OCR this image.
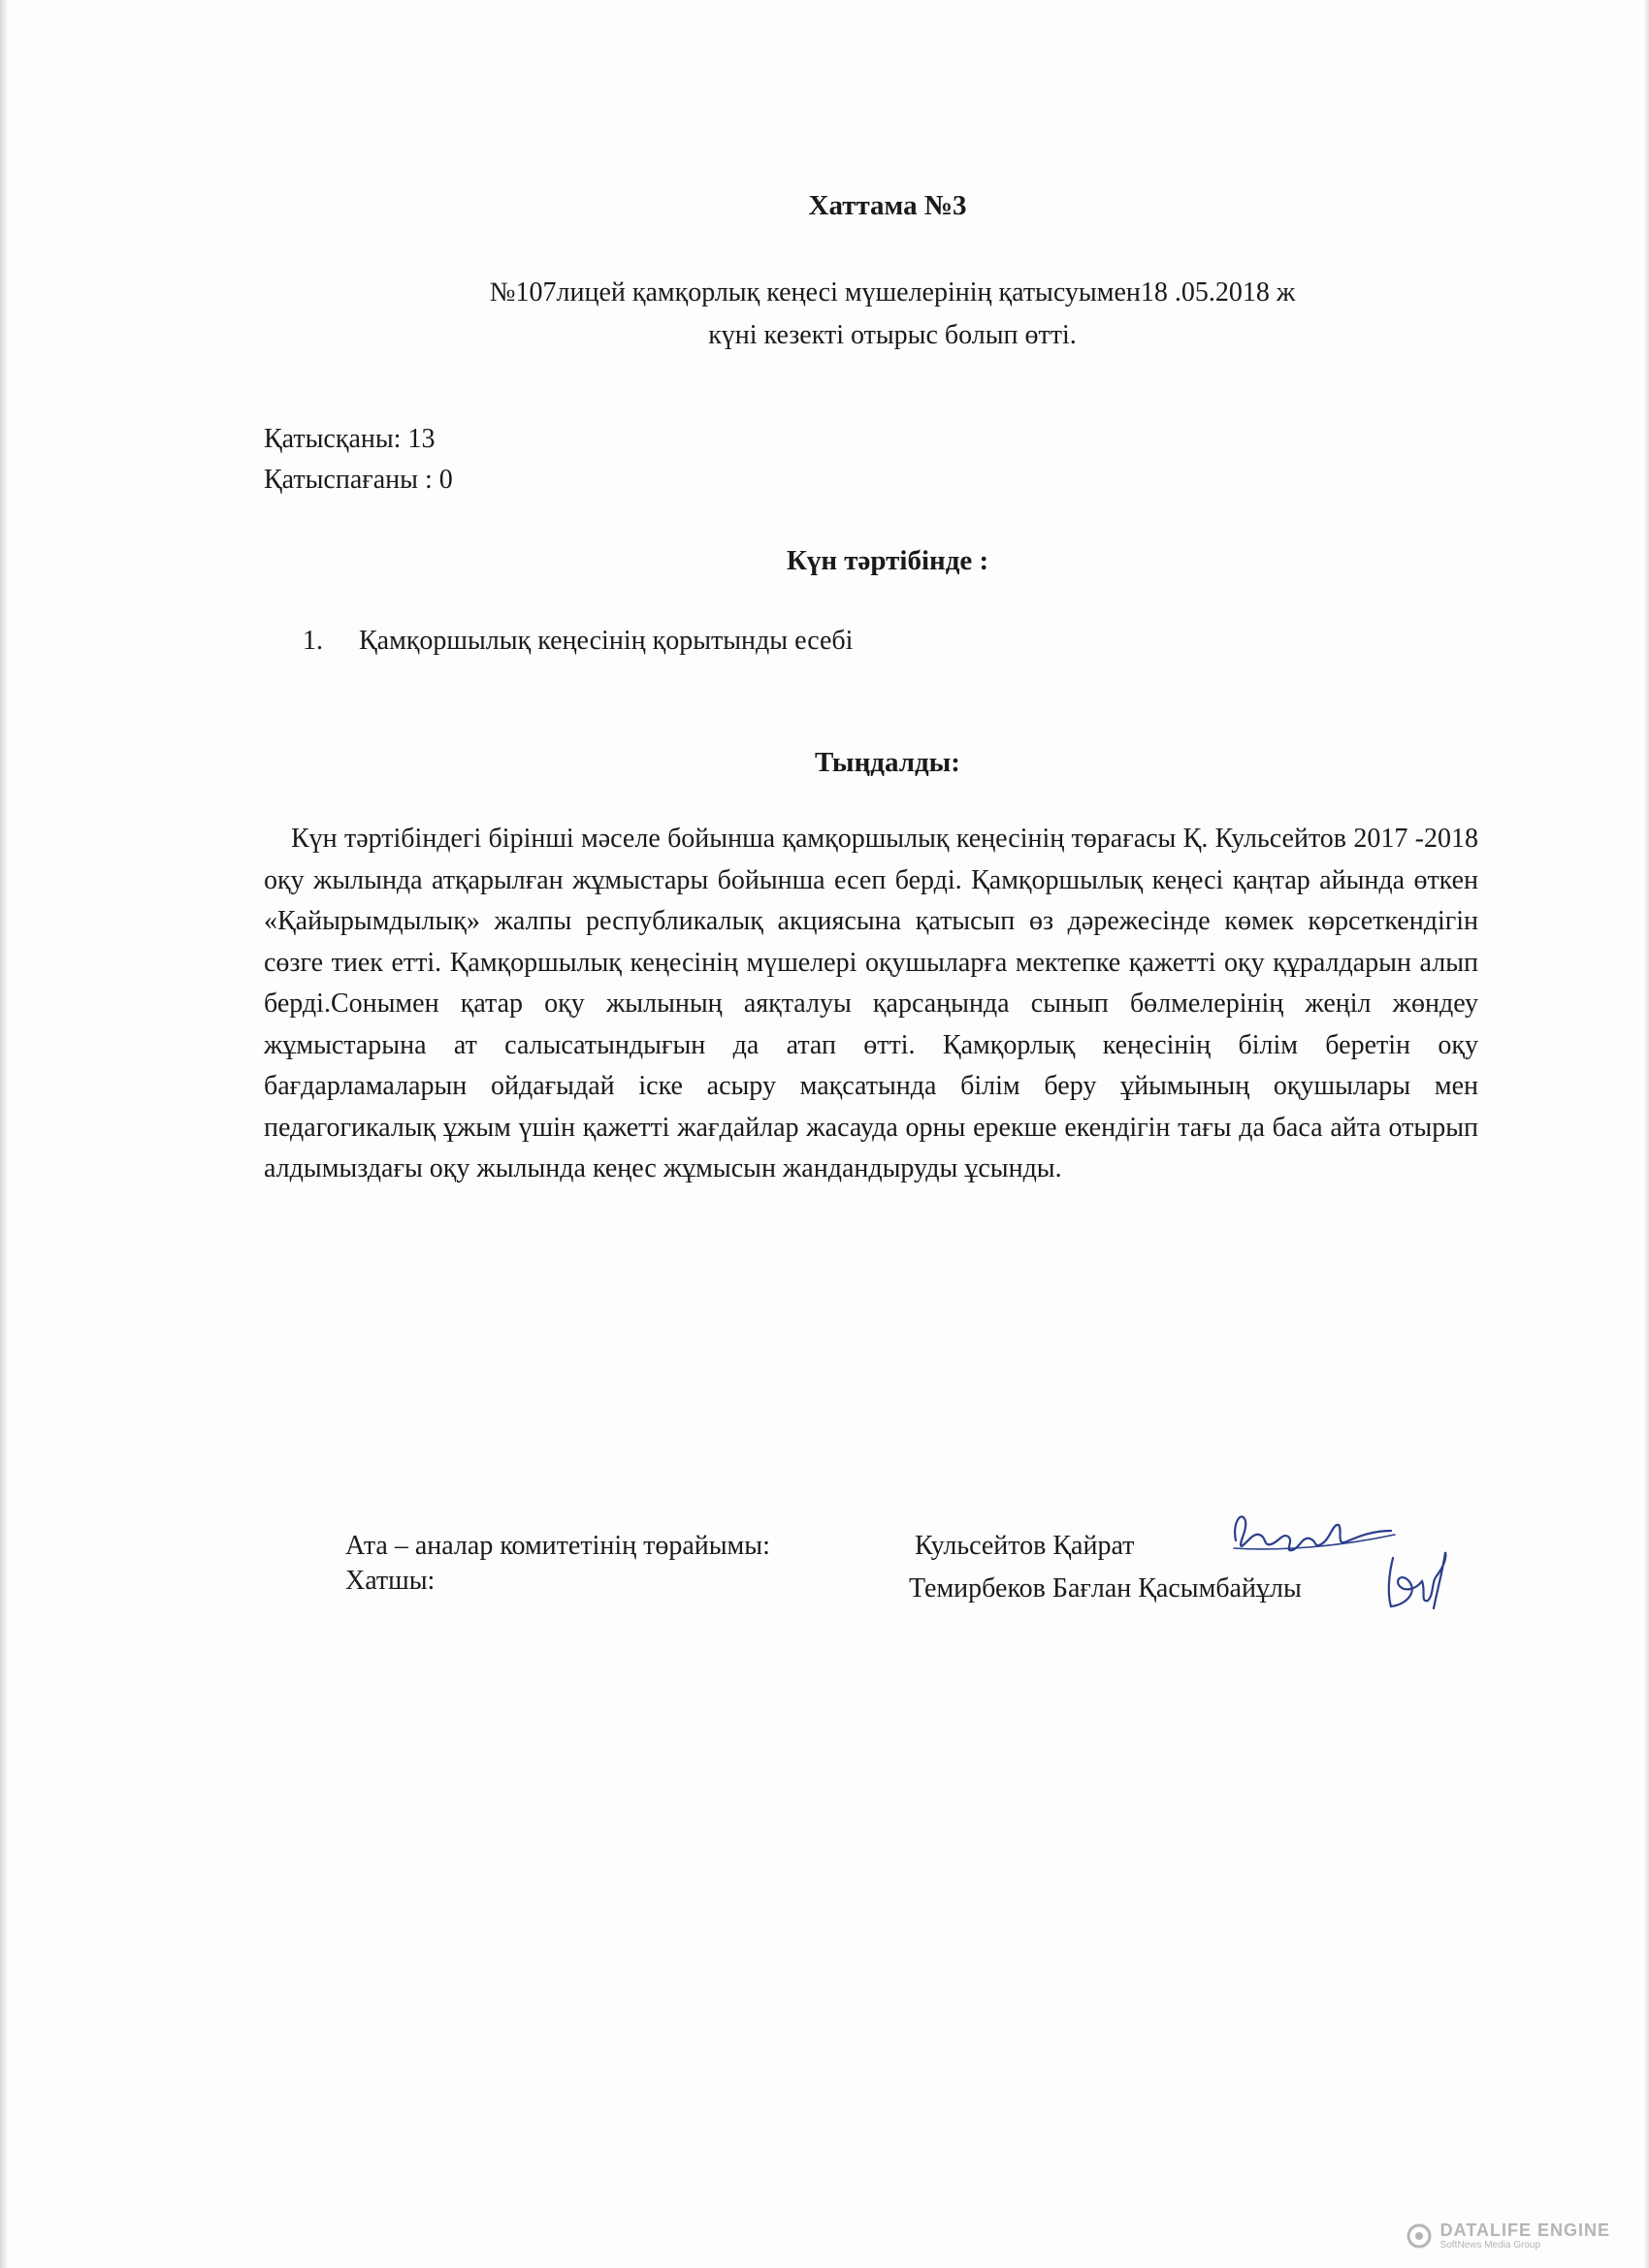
Хаттама №3
№107лицей қамқорлық кеңесі мүшелерінің қатысуымен18 .05.2018 ж
күні кезекті отырыс болып өтті.
Қатысқаны: 13
Қатыспағаны : 0
Күн тәртібінде :
1. Қамқоршылық кеңесінің қорытынды есебі
Тыңдалды:
Күн тәртібіндегі бірінші мәселе бойынша қамқоршылық кеңесінің төрағасы Қ. Кульсейтов 2017 -2018 оқу жылында атқарылған жұмыстары бойынша есеп берді. Қамқоршылық кеңесі қаңтар айында өткен «Қайырымдылық» жалпы республикалық акциясына қатысып өз дәрежесінде көмек көрсеткендігін сөзге тиек етті. Қамқоршылық кеңесінің мүшелері оқушыларға мектепке қажетті оқу құралдарын алып берді.Сонымен қатар оқу жылының аяқталуы қарсаңында сынып бөлмелерінің жеңіл жөндеу жұмыстарына ат салысатындығын да атап өтті. Қамқорлық кеңесінің білім беретін оқу бағдарламаларын ойдағыдай іске асыру мақсатында білім беру ұйымының оқушылары мен педагогикалық ұжым үшін қажетті жағдайлар жасауда орны ерекше екендігін тағы да баса айта отырып алдымыздағы оқу жылында кеңес жұмысын жандандыруды ұсынды.
Ата – аналар комитетінің төрайымы:	Кульсейтов Қайрат
Хатшы:	Темирбеков Бағлан Қасымбайұлы
DATALIFE ENGINE
SoftNews Media Group
